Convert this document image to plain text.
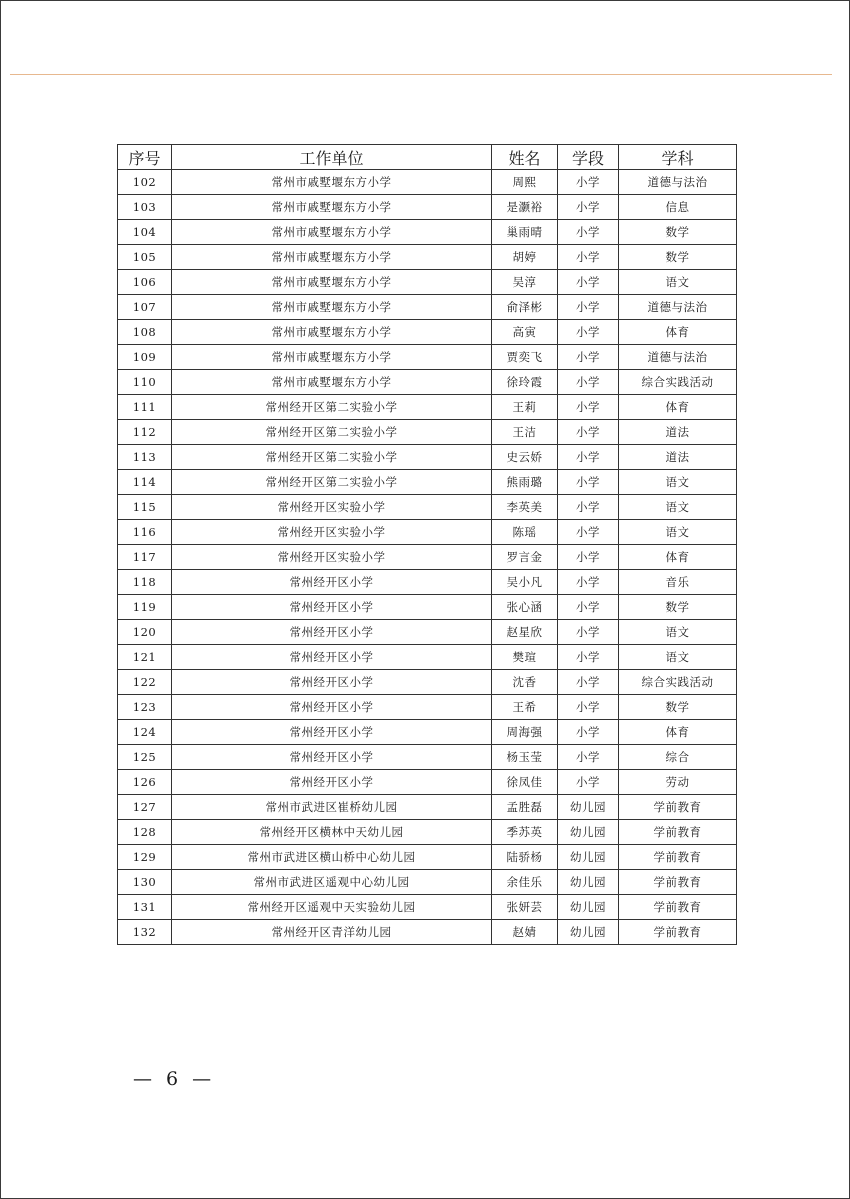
序号	工作单位	姓名	学段	学科
102	常州市戚墅堰东方小学	周熙	小学	道德与法治
103	常州市戚墅堰东方小学	是灏裕	小学	信息
104	常州市戚墅堰东方小学	巢雨晴	小学	数学
105	常州市戚墅堰东方小学	胡婷	小学	数学
106	常州市戚墅堰东方小学	吴淳	小学	语文
107	常州市戚墅堰东方小学	俞泽彬	小学	道德与法治
108	常州市戚墅堰东方小学	高寅	小学	体育
109	常州市戚墅堰东方小学	贾奕飞	小学	道德与法治
110	常州市戚墅堰东方小学	徐玲霞	小学	综合实践活动
111	常州经开区第二实验小学	王莉	小学	体育
112	常州经开区第二实验小学	王洁	小学	道法
113	常州经开区第二实验小学	史云娇	小学	道法
114	常州经开区第二实验小学	熊雨璐	小学	语文
115	常州经开区实验小学	李英美	小学	语文
116	常州经开区实验小学	陈瑶	小学	语文
117	常州经开区实验小学	罗言金	小学	体育
118	常州经开区小学	吴小凡	小学	音乐
119	常州经开区小学	张心涵	小学	数学
120	常州经开区小学	赵星欣	小学	语文
121	常州经开区小学	樊瑄	小学	语文
122	常州经开区小学	沈香	小学	综合实践活动
123	常州经开区小学	王希	小学	数学
124	常州经开区小学	周海强	小学	体育
125	常州经开区小学	杨玉莹	小学	综合
126	常州经开区小学	徐凤佳	小学	劳动
127	常州市武进区崔桥幼儿园	孟胜磊	幼儿园	学前教育
128	常州经开区横林中天幼儿园	季苏英	幼儿园	学前教育
129	常州市武进区横山桥中心幼儿园	陆骄杨	幼儿园	学前教育
130	常州市武进区遥观中心幼儿园	余佳乐	幼儿园	学前教育
131	常州经开区遥观中天实验幼儿园	张妍芸	幼儿园	学前教育
132	常州经开区青洋幼儿园	赵婧	幼儿园	学前教育
— 6 —
